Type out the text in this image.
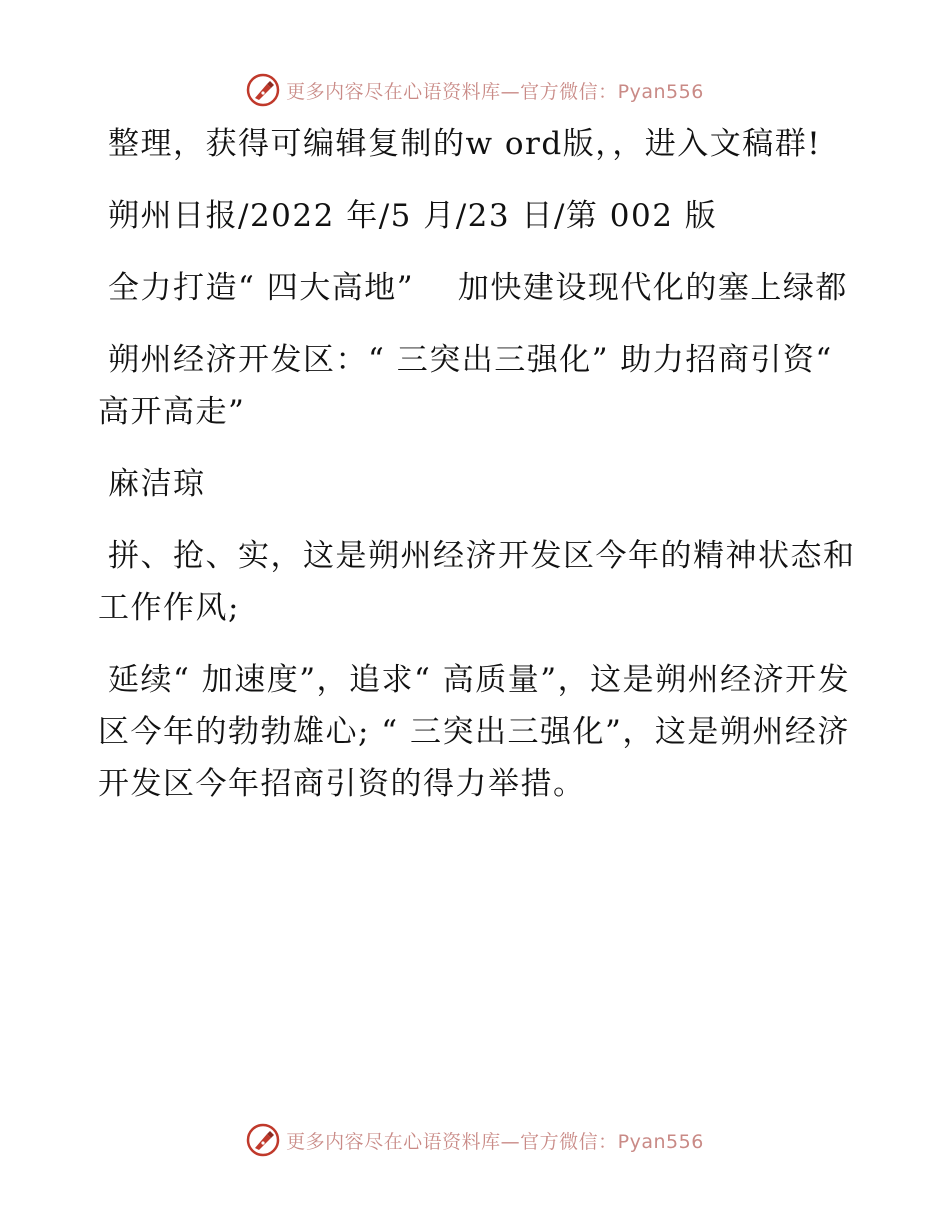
更多内容尽在心语资料库—官方微信：Pyan556

整理，获得可编辑复制的w ord版，，进入文稿群!

朔州日报/2022 年/5 月/23 日/第 002 版

全力打造“ 四大高地”　 加快建设现代化的塞上绿都

朔州经济开发区：“ 三突出三强化” 助力招商引资“ 高开高走”

麻洁琼

拼、抢、实，这是朔州经济开发区今年的精神状态和工作作风;

延续“ 加速度”，追求“ 高质量”，这是朔州经济开发区今年的勃勃雄心; “ 三突出三强化”，这是朔州经济开发区今年招商引资的得力举措。

更多内容尽在心语资料库—官方微信：Pyan556
